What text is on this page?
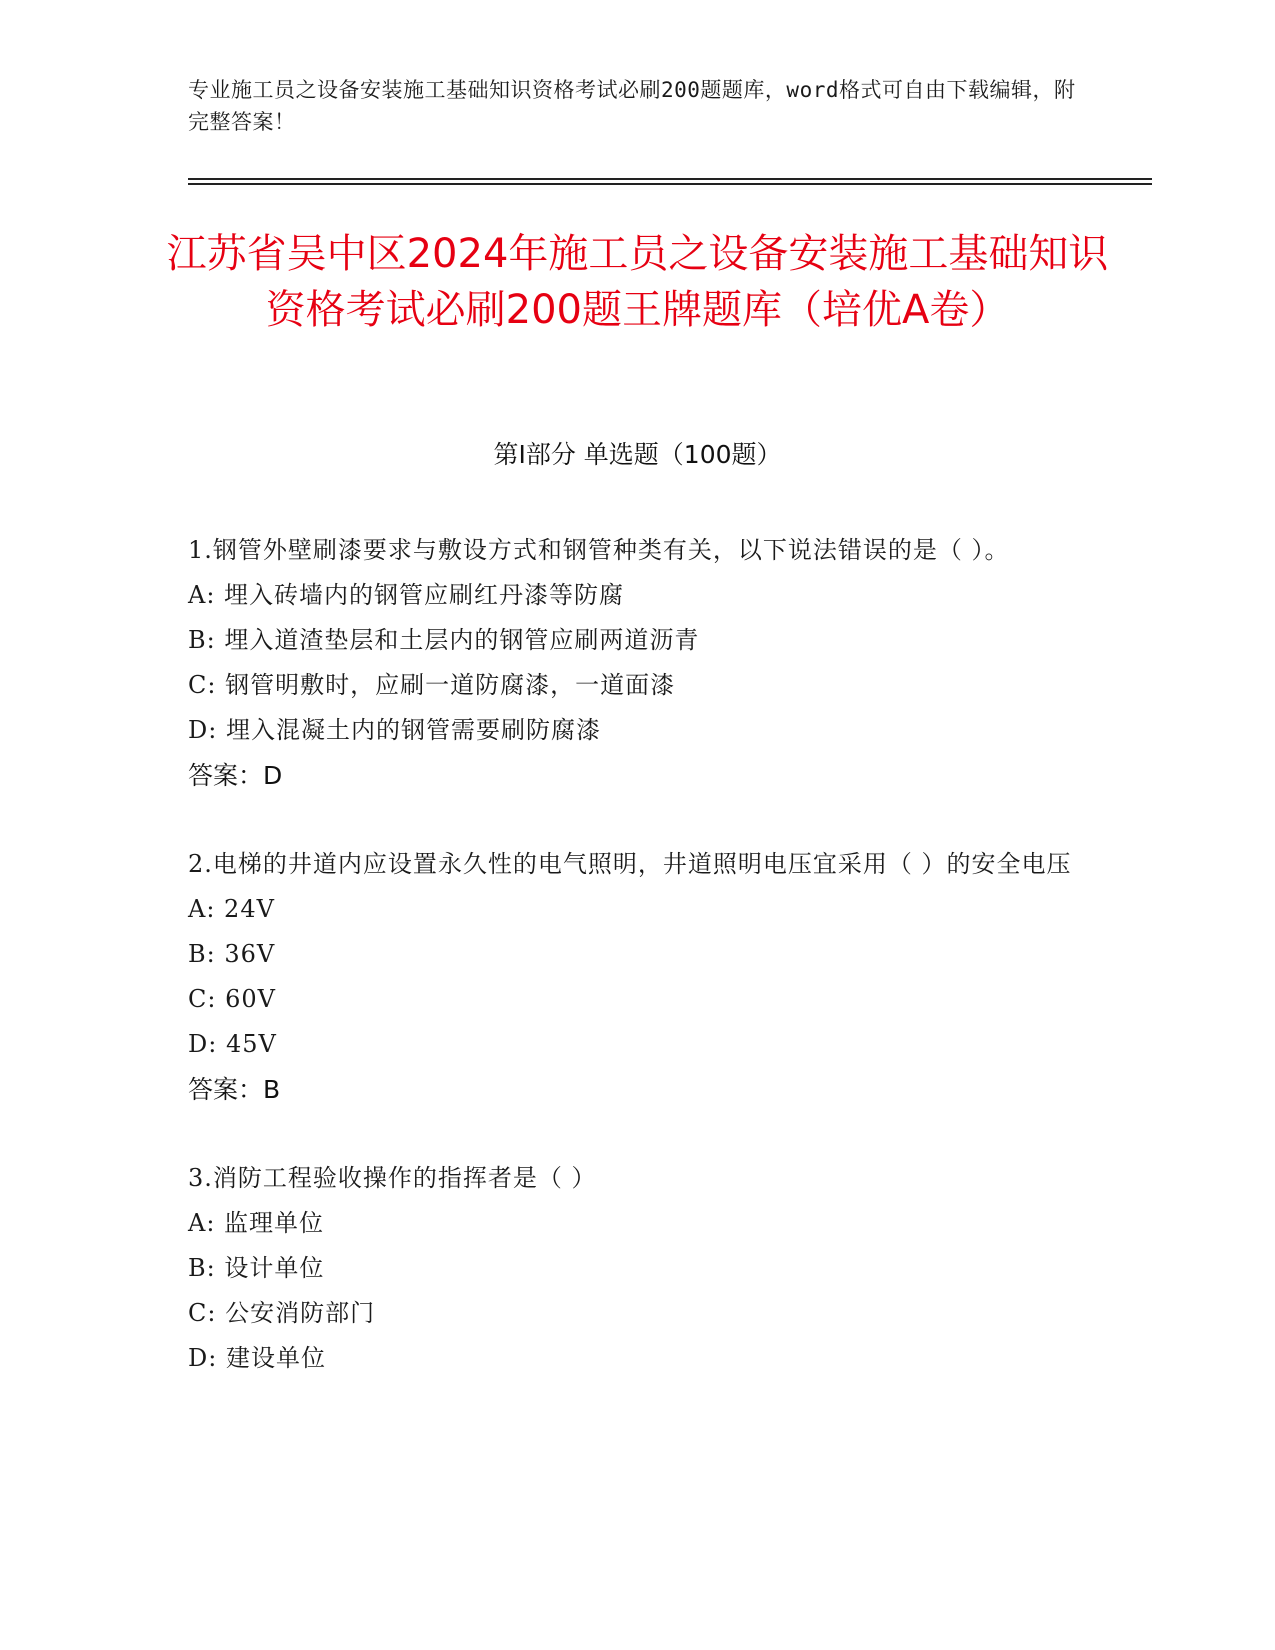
专业施工员之设备安装施工基础知识资格考试必刷200题题库，word格式可自由下载编辑，附完整答案！
江苏省吴中区2024年施工员之设备安装施工基础知识资格考试必刷200题王牌题库（培优A卷）
第I部分 单选题（100题）

1.钢管外壁刷漆要求与敷设方式和钢管种类有关，以下说法错误的是（ ）。

A: 埋入砖墙内的钢管应刷红丹漆等防腐

B: 埋入道渣垫层和土层内的钢管应刷两道沥青

C: 钢管明敷时，应刷一道防腐漆，一道面漆

D: 埋入混凝土内的钢管需要刷防腐漆

答案：D

2.电梯的井道内应设置永久性的电气照明，井道照明电压宜采用（ ）的安全电压

A: 24V

B: 36V

C: 60V

D: 45V

答案：B

3.消防工程验收操作的指挥者是（ ）

A: 监理单位

B: 设计单位

C: 公安消防部门

D: 建设单位
